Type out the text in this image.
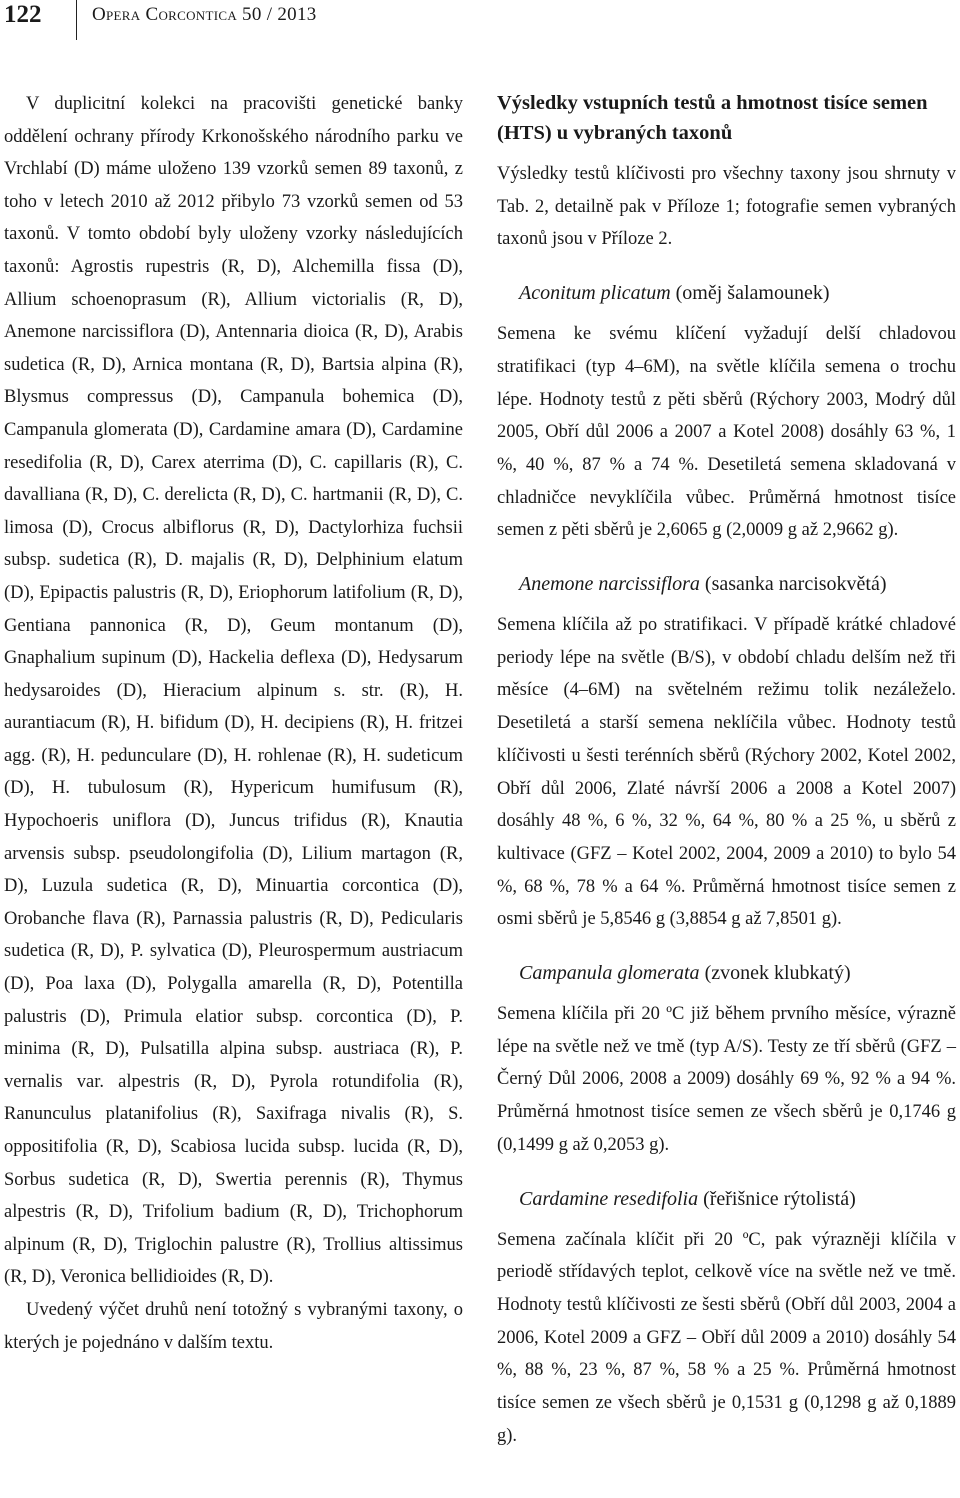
122	Opera Corcontica 50 / 2013

V duplicitní kolekci na pracovišti genetické banky oddělení ochrany přírody Krkonošského národního parku ve Vrchlabí (D) máme uloženo 139 vzorků semen 89 taxonů, z toho v letech 2010 až 2012 přibylo 73 vzorků semen od 53 taxonů. V tomto období byly uloženy vzorky následujících taxonů: Agrostis rupestris (R, D), Alchemilla fissa (D), Allium schoenoprasum (R), Allium victorialis (R, D), Anemone narcissiflora (D), Antennaria dioica (R, D), Arabis sudetica (R, D), Arnica montana (R, D), Bartsia alpina (R), Blysmus compressus (D), Campanula bohemica (D), Campanula glomerata (D), Cardamine amara (D), Cardamine resedifolia (R, D), Carex aterrima (D), C. capillaris (R), C. davalliana (R, D), C. derelicta (R, D), C. hartmanii (R, D), C. limosa (D), Crocus albiflorus (R, D), Dactylorhiza fuchsii subsp. sudetica (R), D. majalis (R, D), Delphinium elatum (D), Epipactis palustris (R, D), Eriophorum latifolium (R, D), Gentiana pannonica (R, D), Geum montanum (D), Gnaphalium supinum (D), Hackelia deflexa (D), Hedysarum hedysaroides (D), Hieracium alpinum s. str. (R), H. aurantiacum (R), H. bifidum (D), H. decipiens (R), H. fritzei agg. (R), H. pedunculare (D), H. rohlenae (R), H. sudeticum (D), H. tubulosum (R), Hypericum humifusum (R), Hypochoeris uniflora (D), Juncus trifidus (R), Knautia arvensis subsp. pseudolongifolia (D), Lilium martagon (R, D), Luzula sudetica (R, D), Minuartia corcontica (D), Orobanche flava (R), Parnassia palustris (R, D), Pedicularis sudetica (R, D), P. sylvatica (D), Pleurospermum austriacum (D), Poa laxa (D), Polygalla amarella (R, D), Potentilla palustris (D), Primula elatior subsp. corcontica (D), P. minima (R, D), Pulsatilla alpina subsp. austriaca (R), P. vernalis var. alpestris (R, D), Pyrola rotundifolia (R), Ranunculus platanifolius (R), Saxifraga nivalis (R), S. oppositifolia (R, D), Scabiosa lucida subsp. lucida (R, D), Sorbus sudetica (R, D), Swertia perennis (R), Thymus alpestris (R, D), Trifolium badium (R, D), Trichophorum alpinum (R, D), Triglochin palustre (R), Trollius altissimus (R, D), Veronica bellidioides (R, D).

Uvedený výčet druhů není totožný s vybranými taxony, o kterých je pojednáno v dalším textu.

Výsledky vstupních testů a hmotnost tisíce semen (HTS) u vybraných taxonů

Výsledky testů klíčivosti pro všechny taxony jsou shrnuty v Tab. 2, detailně pak v Příloze 1; fotografie semen vybraných taxonů jsou v Příloze 2.

Aconitum plicatum (oměj šalamounek)

Semena ke svému klíčení vyžadují delší chladovou stratifikaci (typ 4–6M), na světle klíčila semena o trochu lépe. Hodnoty testů z pěti sběrů (Rýchory 2003, Modrý důl 2005, Obří důl 2006 a 2007 a Kotel 2008) dosáhly 63 %, 1 %, 40 %, 87 % a 74 %. Desetiletá semena skladovaná v chladničce nevyklíčila vůbec. Průměrná hmotnost tisíce semen z pěti sběrů je 2,6065 g (2,0009 g až 2,9662 g).

Anemone narcissiflora (sasanka narcisokvětá)

Semena klíčila až po stratifikaci. V případě krátké chladové periody lépe na světle (B/S), v období chladu delším než tři měsíce (4–6M) na světelném režimu tolik nezáleželo. Desetiletá a starší semena neklíčila vůbec. Hodnoty testů klíčivosti u šesti terénních sběrů (Rýchory 2002, Kotel 2002, Obří důl 2006, Zlaté návrší 2006 a 2008 a Kotel 2007) dosáhly 48 %, 6 %, 32 %, 64 %, 80 % a 25 %, u sběrů z kultivace (GFZ – Kotel 2002, 2004, 2009 a 2010) to bylo 54 %, 68 %, 78 % a 64 %. Průměrná hmotnost tisíce semen z osmi sběrů je 5,8546 g (3,8854 g až 7,8501 g).

Campanula glomerata (zvonek klubkatý)

Semena klíčila při 20 ºC již během prvního měsíce, výrazně lépe na světle než ve tmě (typ A/S). Testy ze tří sběrů (GFZ – Černý Důl 2006, 2008 a 2009) dosáhly 69 %, 92 % a 94 %. Průměrná hmotnost tisíce semen ze všech sběrů je 0,1746 g (0,1499 g až 0,2053 g).

Cardamine resedifolia (řeřišnice rýtolistá)

Semena začínala klíčit při 20 ºC, pak výrazněji klíčila v periodě střídavých teplot, celkově více na světle než ve tmě. Hodnoty testů klíčivosti ze šesti sběrů (Obří důl 2003, 2004 a 2006, Kotel 2009 a GFZ – Obří důl 2009 a 2010) dosáhly 54 %, 88 %, 23 %, 87 %, 58 % a 25 %. Průměrná hmotnost tisíce semen ze všech sběrů je 0,1531 g (0,1298 g až 0,1889 g).
